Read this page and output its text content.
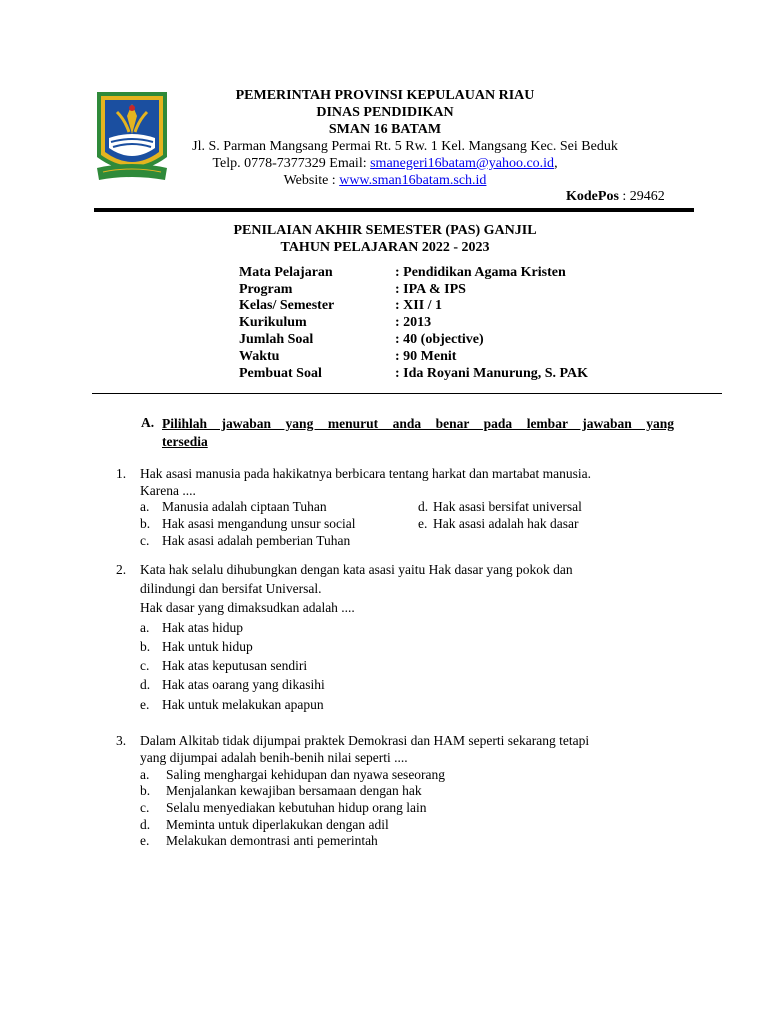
PEMERINTAH PROVINSI KEPULAUAN RIAU
DINAS PENDIDIKAN
SMAN 16 BATAM
Jl. S. Parman Mangsang Permai Rt. 5 Rw. 1 Kel. Mangsang Kec. Sei Beduk
Telp. 0778-7377329 Email: smanegeri16batam@yahoo.co.id,
Website : www.sman16batam.sch.id
KodePos : 29462
PENILAIAN AKHIR SEMESTER (PAS) GANJIL
TAHUN PELAJARAN 2022 - 2023
Mata Pelajaran	: Pendidikan Agama Kristen
Program	: IPA & IPS
Kelas/ Semester	: XII / 1
Kurikulum	: 2013
Jumlah Soal	: 40 (objective)
Waktu	: 90 Menit
Pembuat Soal	: Ida Royani Manurung, S. PAK
A. Pilihlah jawaban yang menurut anda benar pada lembar jawaban yang
tersedia
1. Hak asasi manusia pada hakikatnya berbicara tentang harkat dan martabat manusia.
Karena ....
a. Manusia adalah ciptaan Tuhan
b. Hak asasi mengandung unsur social
c. Hak asasi adalah pemberian Tuhan
d. Hak asasi bersifat universal
e. Hak asasi adalah hak dasar
2. Kata hak selalu dihubungkan dengan kata asasi yaitu Hak dasar yang pokok dan
dilindungi dan bersifat Universal.
Hak dasar yang dimaksudkan adalah ....
a. Hak atas hidup
b. Hak untuk hidup
c. Hak atas keputusan sendiri
d. Hak atas oarang yang dikasihi
e. Hak untuk melakukan apapun
3. Dalam Alkitab tidak dijumpai praktek Demokrasi dan HAM seperti sekarang tetapi
yang dijumpai adalah benih-benih nilai seperti ....
a. Saling menghargai kehidupan dan nyawa seseorang
b. Menjalankan kewajiban bersamaan dengan hak
c. Selalu menyediakan kebutuhan hidup orang lain
d. Meminta untuk diperlakukan dengan adil
e. Melakukan demontrasi anti pemerintah
